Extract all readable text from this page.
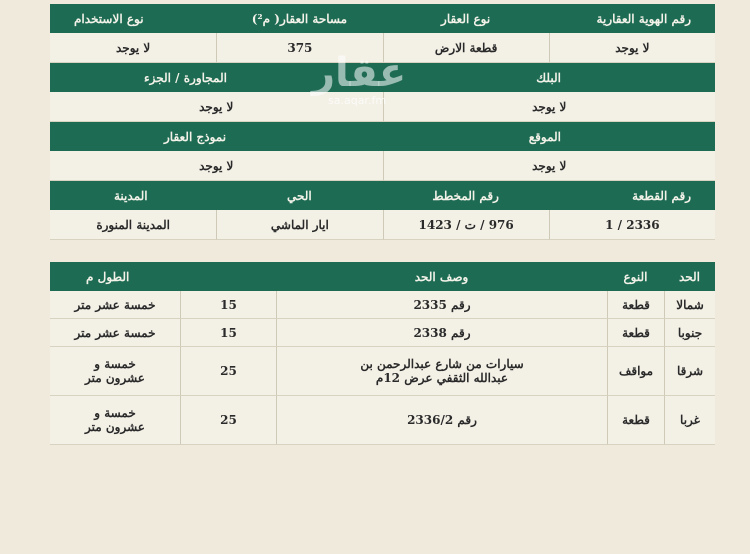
رقم الهوية العقارية
نوع العقار
مساحة العقار( م²)
نوع الاستخدام
لا يوجد
قطعة الارض
375
لا يوجد
البلك
المجاورة / الجزء
لا يوجد
لا يوجد
الموقع
نموذج العقار
لا يوجد
لا يوجد
رقم القطعة
رقم المخطط
الحي
المدينة
2336 / 1
976 / ت / 1423
ايار الماشي
المدينة المنورة
الحد
النوع
وصف الحد
الطول م
شمالا
قطعة
رقم 2335
15
خمسة عشر متر
جنوبا
قطعة
رقم 2338
15
خمسة عشر متر
شرقا
مواقف
سيارات من شارع عبدالرحمن بن عبدالله الثقفي عرض 12م
25
خمسة و عشرون متر
غربا
قطعة
رقم 2336/2
25
خمسة و عشرون متر
عقار
sa.aqar.fm
